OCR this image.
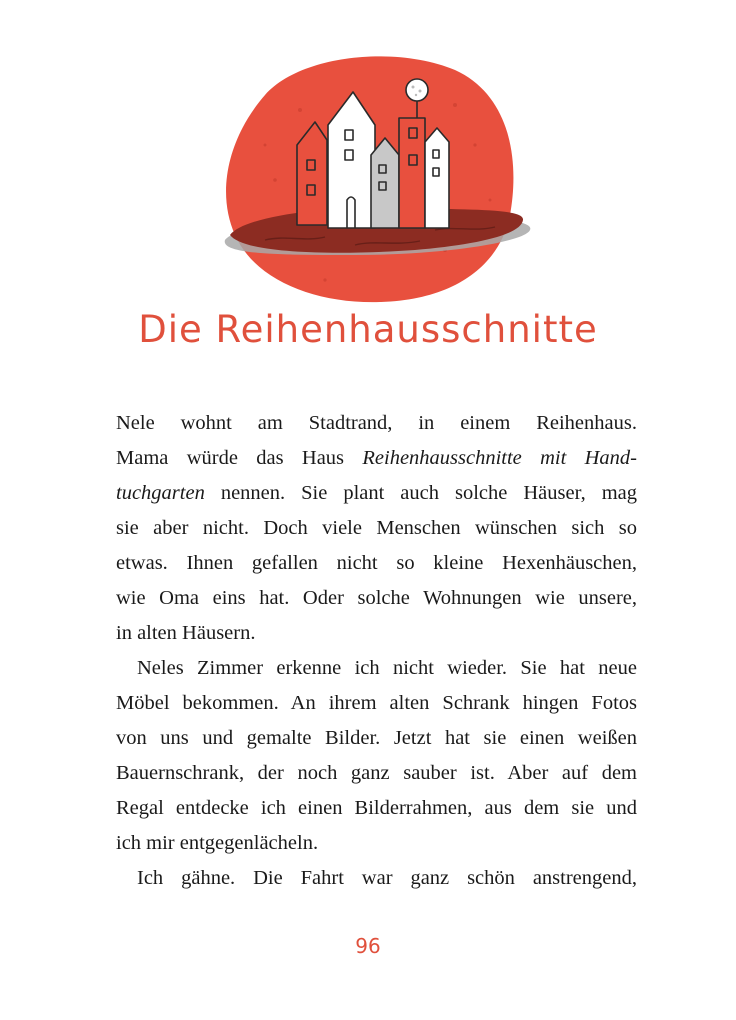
Die Reihenhausschnitte
Nele wohnt am Stadtrand, in einem Reihenhaus.
Mama würde das Haus Reihenhausschnitte mit Hand-
tuchgarten nennen. Sie plant auch solche Häuser, mag
sie aber nicht. Doch viele Menschen wünschen sich so
etwas. Ihnen gefallen nicht so kleine Hexenhäuschen,
wie Oma eins hat. Oder solche Wohnungen wie unsere,
in alten Häusern.
Neles Zimmer erkenne ich nicht wieder. Sie hat neue
Möbel bekommen. An ihrem alten Schrank hingen Fotos
von uns und gemalte Bilder. Jetzt hat sie einen weißen
Bauernschrank, der noch ganz sauber ist. Aber auf dem
Regal entdecke ich einen Bilderrahmen, aus dem sie und
ich mir entgegenlächeln.
Ich gähne. Die Fahrt war ganz schön anstrengend,
96
